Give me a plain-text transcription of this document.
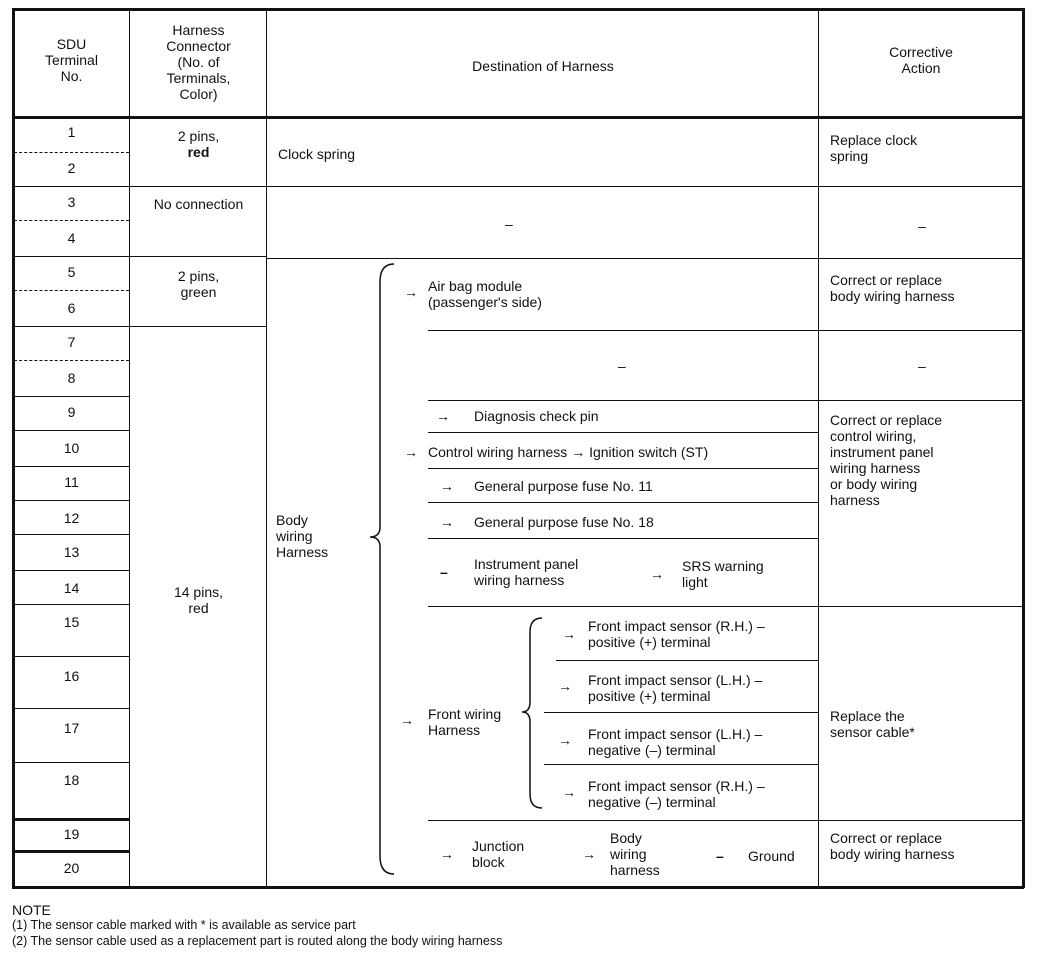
SDU
Terminal
No.
Harness
Connector
(No. of
Terminals,
Color)
Destination of Harness
Corrective
Action
1
2
3
4
5
6
7
8
9
10
11
12
13
14
15
16
17
18
19
20
2 pins,
red
No connection
2 pins,
green
14 pins,
red
Clock spring
–
Body
wiring
Harness
→ Air bag module
(passenger's side)
–
→ Diagnosis check pin
→ Control wiring harness → Ignition switch (ST)
→ General purpose fuse No. 11
→ General purpose fuse No. 18
– Instrument panel
wiring harness	→ SRS warning
light
→ Front wiring
Harness
→ Front impact sensor (R.H.) –
positive (+) terminal
→ Front impact sensor (L.H.) –
positive (+) terminal
→ Front impact sensor (L.H.) –
negative (–) terminal
→ Front impact sensor (R.H.) –
negative (–) terminal
→ Junction
block	→
Body
wiring
harness
– Ground
Replace clock
spring
–
Correct or replace
body wiring harness
–
Correct or replace
control wiring,
instrument panel
wiring harness
or body wiring
harness
Replace the
sensor cable*
Correct or replace
body wiring harness
NOTE
(1) The sensor cable marked with * is available as service part
(2) The sensor cable used as a replacement part is routed along the body wiring harness
